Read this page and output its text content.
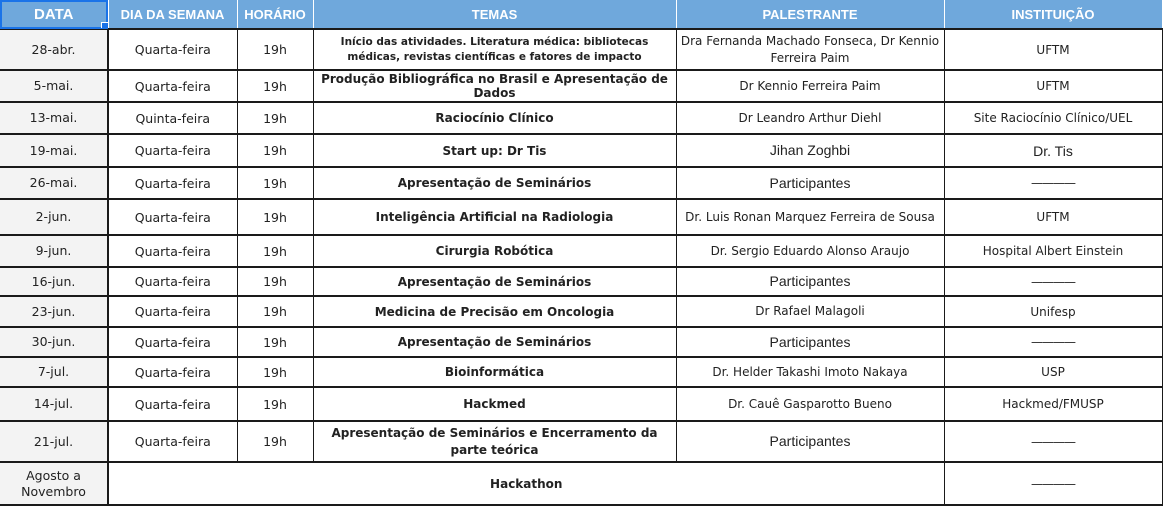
DATA	DIA DA SEMANA	HORÁRIO	TEMAS	PALESTRANTE	INSTITUIÇÃO
28-abr.	Quarta-feira	19h	Início das atividades. Literatura médica: bibliotecas médicas, revistas científicas e fatores de impacto	Dra Fernanda Machado Fonseca, Dr Kennio Ferreira Paim	UFTM
5-mai.	Quarta-feira	19h	Produção Bibliográfica no Brasil e Apresentação de Dados	Dr Kennio Ferreira Paim	UFTM
13-mai.	Quinta-feira	19h	Raciocínio Clínico	Dr Leandro Arthur Diehl	Site Raciocínio Clínico/UEL
19-mai.	Quarta-feira	19h	Start up: Dr Tis	Jihan Zoghbi	Dr. Tis
26-mai.	Quarta-feira	19h	Apresentação de Seminários	Participantes	————
2-jun.	Quarta-feira	19h	Inteligência Artificial na Radiologia	Dr. Luis Ronan Marquez Ferreira de Sousa	UFTM
9-jun.	Quarta-feira	19h	Cirurgia Robótica	Dr. Sergio Eduardo Alonso Araujo	Hospital Albert Einstein
16-jun.	Quarta-feira	19h	Apresentação de Seminários	Participantes	————
23-jun.	Quarta-feira	19h	Medicina de Precisão em Oncologia	Dr Rafael Malagoli	Unifesp
30-jun.	Quarta-feira	19h	Apresentação de Seminários	Participantes	————
7-jul.	Quarta-feira	19h	Bioinformática	Dr. Helder Takashi Imoto Nakaya	USP
14-jul.	Quarta-feira	19h	Hackmed	Dr. Cauê Gasparotto Bueno	Hackmed/FMUSP
21-jul.	Quarta-feira	19h	Apresentação de Seminários e Encerramento da parte teórica	Participantes	————
Agosto a Novembro	Hackathon				————
